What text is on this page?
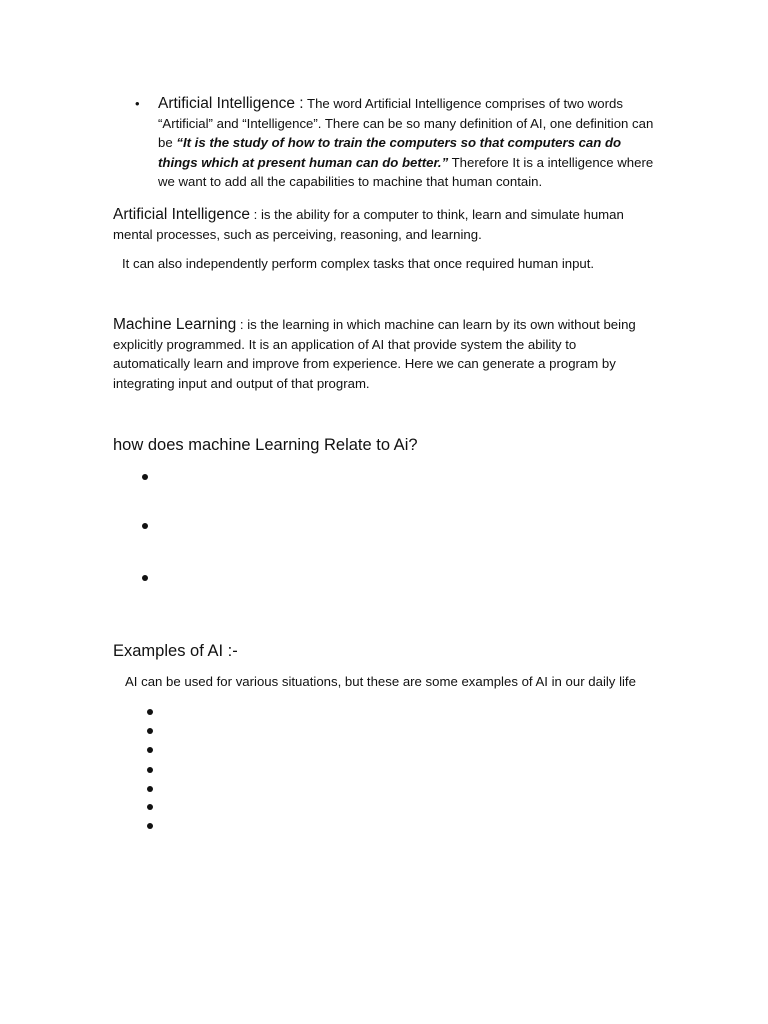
• Artificial Intelligence : The word Artificial Intelligence comprises of two words “Artificial” and “Intelligence”. There can be so many definition of AI, one definition can be “It is the study of how to train the computers so that computers can do things which at present human can do better.” Therefore It is a intelligence where we want to add all the capabilities to machine that human contain.
Artificial Intelligence : is the ability for a computer to think, learn and simulate human mental processes, such as perceiving, reasoning, and learning.
It can also independently perform complex tasks that once required human input.
Machine Learning : is the learning in which machine can learn by its own without being explicitly programmed. It is an application of AI that provide system the ability to automatically learn and improve from experience. Here we can generate a program by integrating input and output of that program.
how does machine Learning Relate to Ai?
Examples of AI :-
AI can be used for various situations, but these are some examples of AI in our daily life
